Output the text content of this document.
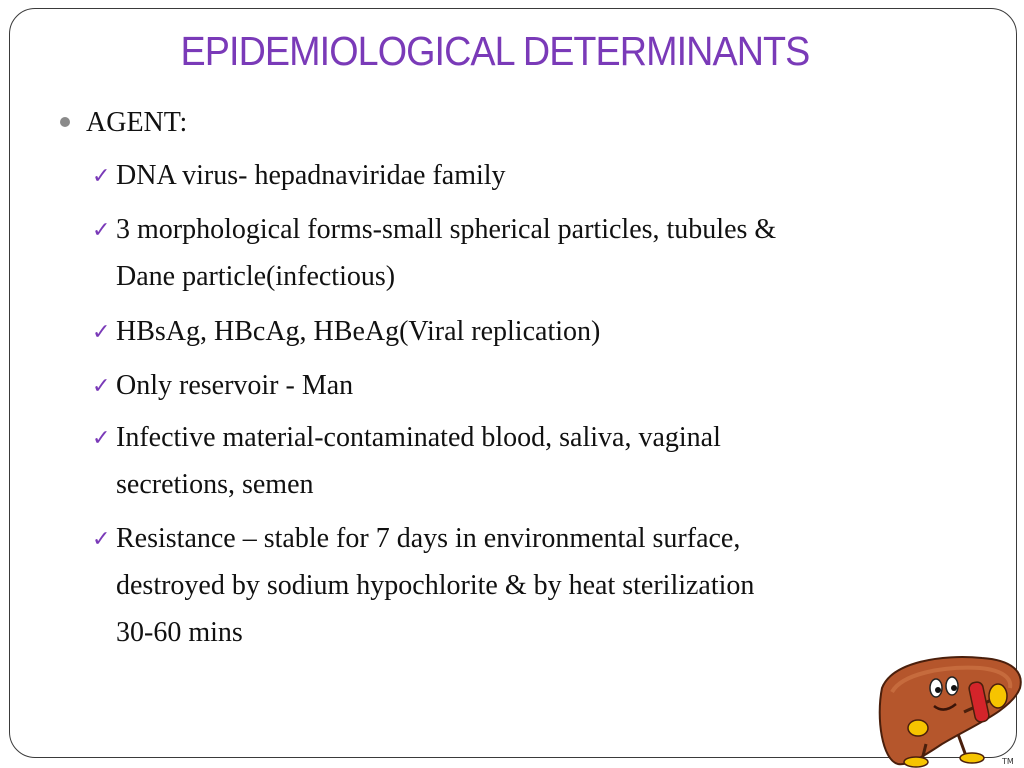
EPIDEMIOLOGICAL DETERMINANTS
AGENT:
✓DNA virus- hepadnaviridae family
✓ 3 morphological forms-small spherical particles, tubules &
Dane particle(infectious)
✓ HBsAg, HBcAg, HBeAg(Viral replication)
✓ Only reservoir - Man
✓ Infective material-contaminated blood, saliva, vaginal
secretions, semen
✓ Resistance – stable for 7 days in environmental surface,
destroyed by sodium hypochlorite & by heat sterilization
30-60 mins
TM
